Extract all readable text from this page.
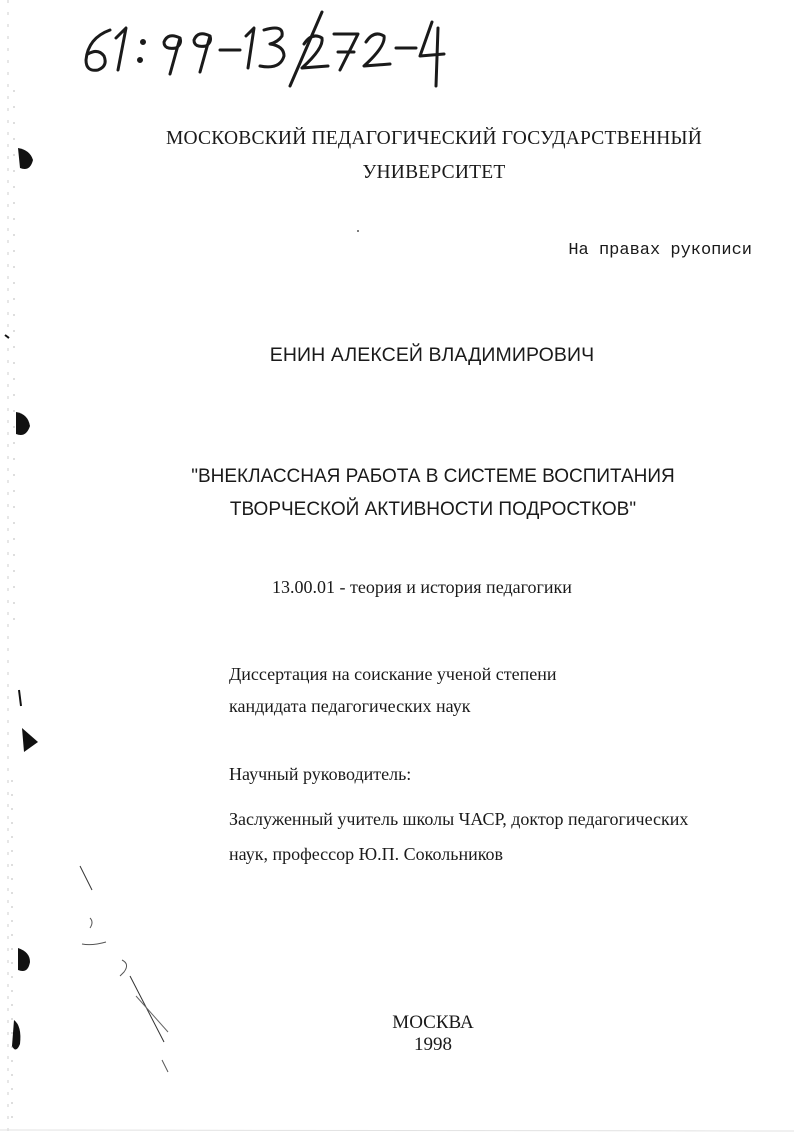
МОСКОВСКИЙ ПЕДАГОГИЧЕСКИЙ ГОСУДАРСТВЕННЫЙ
УНИВЕРСИТЕТ
На правах рукописи
ЕНИН АЛЕКСЕЙ ВЛАДИМИРОВИЧ
"ВНЕКЛАССНАЯ РАБОТА В СИСТЕМЕ ВОСПИТАНИЯ
ТВОРЧЕСКОЙ АКТИВНОСТИ ПОДРОСТКОВ"
13.00.01 - теория и история педагогики
Диссертация на соискание ученой степени
кандидата педагогических наук
Научный руководитель:
Заслуженный учитель школы ЧАСР, доктор педагогических
наук, профессор Ю.П. Сокольников
МОСКВА
1998
